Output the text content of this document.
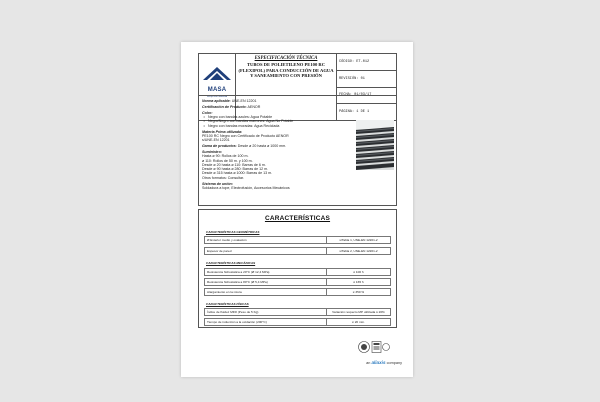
MASA
Grupo La Industrial
ESPECIFICACIÓN TÉCNICA
TUBOS DE POLIETILENO PE100 RC (FLEXIPOL) PARA CONDUCCIÓN DE AGUA Y SANEAMIENTO CON PRESIÓN
CÓDIGO: ET-012
REVISIÓN: 01
FECHA: 01/03/17
PÁGINA: 1 DE 1
Norma aplicable: UNE-EN 12201
Certificación de Producto: AENOR
Color:
• Negro con bandas azules: Agua Potable
• Negro/Negro con bandas marrones: Agua No Potable
• Negro con bandas moradas: Agua Reciclada
Materia Prima utilizada:
PE100 RC Negro con Certificado de Producto AENOR
s/UNE-EN 12201
Gama de productos: Desde ø 20 hasta ø 1000 mm.
Suministro:
Hasta ø 90: Rollos de 100 m.
ø 110: Rollos de 50 m. y 100 m.
Desde ø 20 hasta ø 110: Barras de 6 m.
Desde ø 90 hasta ø 280: Barras de 12 m.
Desde ø 315 hasta ø 1000: Barras de 13 m.
Otros formatos: Consultar.
Sistema de unión:
Soldadura a tope, Electrofusión, Accesorios Mecánicos
CARACTERÍSTICAS
CARACTERÍSTICAS GEOMÉTRICAS
Ø Exterior medio y ovalación	s/Tabla 1, UNE-EN 12201-2
Espesor de pared	s/Tabla 2, UNE-EN 12201-2
CARACTERÍSTICAS MECÁNICAS
Resistencia hidrostática a 20°C (Ø 12,4 MPa)	≥ 100 h
Resistencia hidrostática a 80°C (Ø 5,4 MPa)	≥ 165 h
Alargamiento en la rotura	≥ 350 %
CARACTERÍSTICAS FÍSICAS
Índice de fluidez MFR (Peso de 5 Kg)	Variación respecto MP utilizada ≤ 20%
Tiempo de inducción a la oxidación (200°C)	≥ 20 min.
an aliaxis company
